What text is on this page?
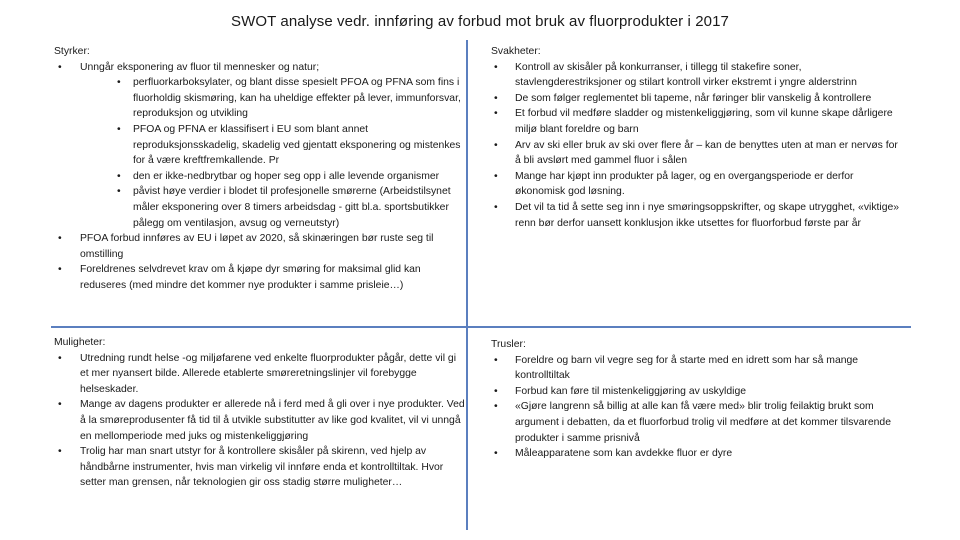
SWOT analyse vedr. innføring av forbud mot bruk av fluorprodukter i 2017

Styrker:

• Unngår eksponering av fluor til mennesker og natur;
• perfluorkarboksylater, og blant disse spesielt PFOA og PFNA som fins i fluorholdig skismøring, kan ha uheldige effekter på lever, immunforsvar, reproduksjon og utvikling
• PFOA og PFNA er klassifisert i EU som blant annet reproduksjonsskadelig, skadelig ved gjentatt eksponering og mistenkes for å være kreftfremkallende. Pr
• den er ikke-nedbrytbar og hoper seg opp i alle levende organismer
• påvist høye verdier i blodet til profesjonelle smørerne (Arbeidstilsynet måler eksponering over 8 timers arbeidsdag - gitt bl.a. sportsbutikker pålegg om ventilasjon, avsug og verneutstyr)
• PFOA forbud innføres av EU i løpet av 2020, så skinæringen bør ruste seg til omstilling
• Foreldrenes selvdrevet krav om å kjøpe dyr smøring for maksimal glid kan reduseres (med mindre det kommer nye produkter i samme prisleie…)

Svakheter:

• Kontroll av skisåler på konkurranser, i tillegg til stakefire soner, stavlengderestriksjoner og stilart kontroll virker ekstremt i yngre alderstrinn
• De som følger reglementet bli tapeme, når føringer blir vanskelig å kontrollere
• Et forbud vil medføre sladder og mistenkeliggjøring, som vil kunne skape dårligere miljø blant foreldre og barn
• Arv av ski eller bruk av ski over flere år – kan de benyttes uten at man er nervøs for å bli avslørt med gammel fluor i sålen
• Mange har kjøpt inn produkter på lager, og en overgangsperiode er derfor økonomisk god løsning.
• Det vil ta tid å sette seg inn i nye smøringsoppskrifter, og skape utrygghet, «viktige» renn bør derfor uansett konklusjon ikke utsettes for fluorforbud første par år

Muligheter:

• Utredning rundt helse -og miljøfarene ved enkelte fluorprodukter pågår, dette vil gi et mer nyansert bilde. Allerede etablerte smøreretningslinjer vil forebygge helseskader.
• Mange av dagens produkter er allerede nå i ferd med å gli over i nye produkter. Ved å la smøreprodusenter få tid til å utvikle substitutter av like god kvalitet, vil vi unngå en mellomperiode med juks og mistenkeliggjøring
• Trolig har man snart utstyr for å kontrollere skisåler på skirenn, ved hjelp av håndbårne instrumenter, hvis man virkelig vil innføre enda et kontrolltiltak. Hvor setter man grensen, når teknologien gir oss stadig større muligheter…

Trusler:

• Foreldre og barn vil vegre seg for å starte med en idrett som har så mange kontrolltiltak
• Forbud kan føre til mistenkeliggjøring av uskyldige
• «Gjøre langrenn så billig at alle kan få være med» blir trolig feilaktig brukt som argument i debatten, da et fluorforbud trolig vil medføre at det kommer tilsvarende produkter i samme prisnivå
• Måleapparatene som kan avdekke fluor er dyre
